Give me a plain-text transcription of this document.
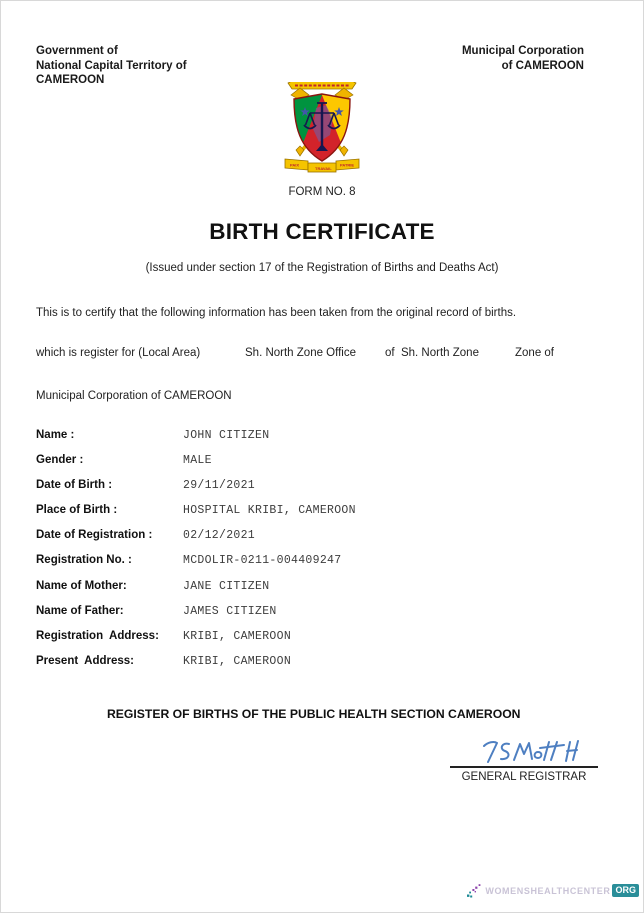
Government of
National Capital Territory of
CAMEROON
Municipal Corporation
of CAMEROON
PAIX
TRAVAIL
PATRIE
FORM NO. 8
BIRTH CERTIFICATE
(Issued under section 17 of the Registration of Births and Deaths Act)
This is to certify that the following information has been taken from the original record of births.
which is register for (Local Area)	Sh. North Zone Office	of  Sh. North Zone	Zone of
Municipal Corporation of CAMEROON
Name :	JOHN CITIZEN
Gender :	MALE
Date of Birth :	29/11/2021
Place of Birth :	HOSPITAL KRIBI, CAMEROON
Date of Registration :	02/12/2021
Registration No. :	MCDOLIR-0211-004409247
Name of Mother:	JANE CITIZEN
Name of Father:	JAMES CITIZEN
Registration  Address:	KRIBI, CAMEROON
Present  Address:	KRIBI, CAMEROON
REGISTER OF BIRTHS OF THE PUBLIC HEALTH SECTION CAMEROON
GENERAL REGISTRAR
WOMENSHEALTHCENTER ORG
